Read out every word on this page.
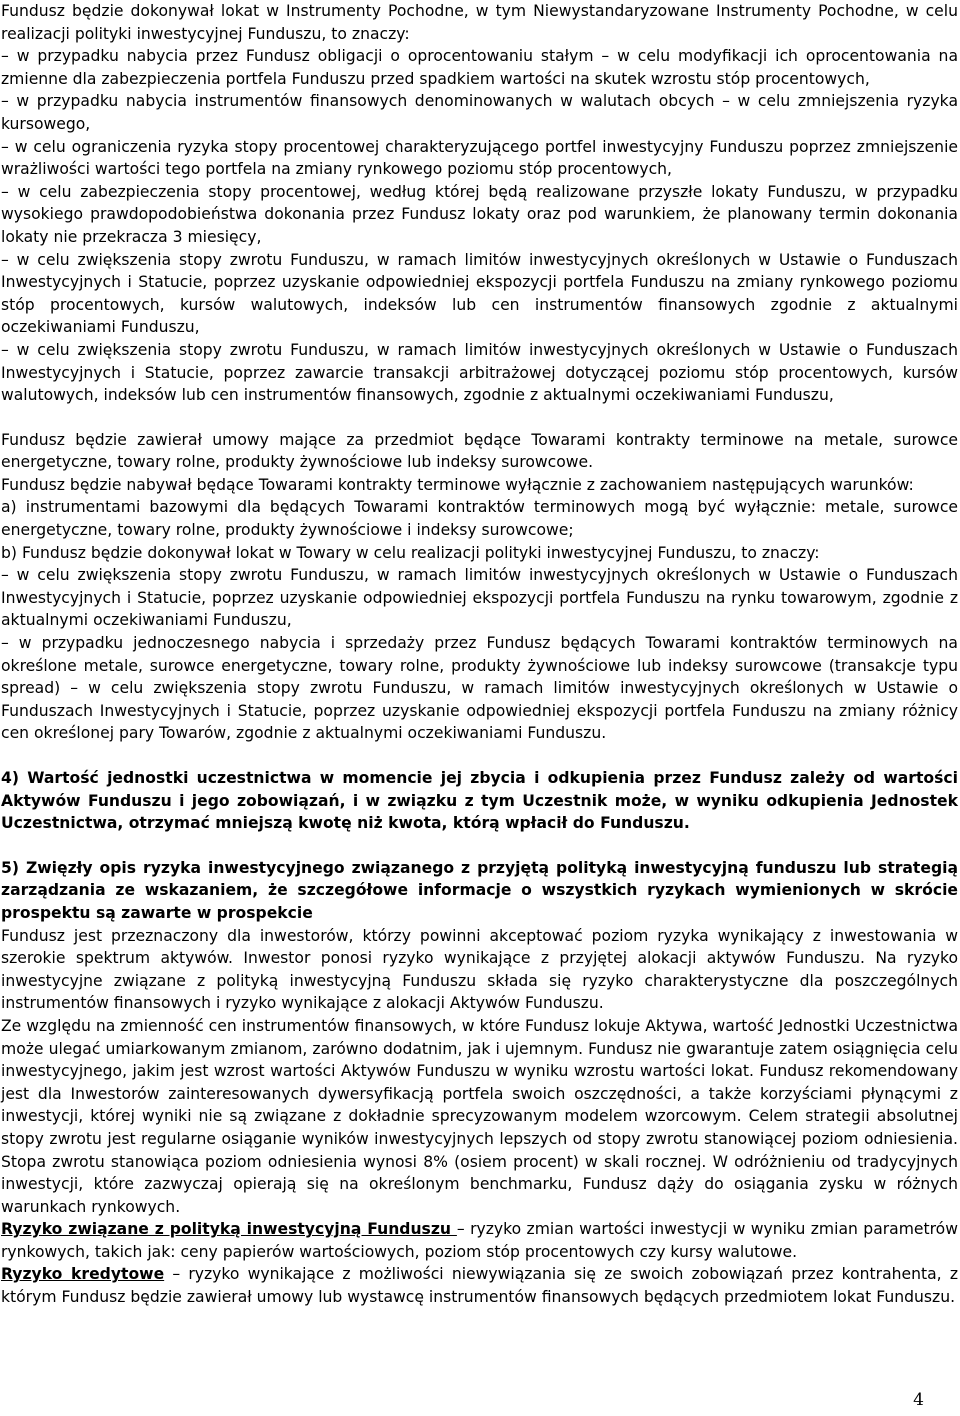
Fundusz będzie dokonywał lokat w Instrumenty Pochodne, w tym Niewystandaryzowane Instrumenty Pochodne, w celu realizacji polityki inwestycyjnej Funduszu, to znaczy:

– w przypadku nabycia przez Fundusz obligacji o oprocentowaniu stałym – w celu modyfikacji ich oprocentowania na zmienne dla zabezpieczenia portfela Funduszu przed spadkiem wartości na skutek wzrostu stóp procentowych,

– w przypadku nabycia instrumentów finansowych denominowanych w walutach obcych – w celu zmniejszenia ryzyka kursowego,

– w celu ograniczenia ryzyka stopy procentowej charakteryzującego portfel inwestycyjny Funduszu poprzez zmniejszenie wrażliwości wartości tego portfela na zmiany rynkowego poziomu stóp procentowych,

– w celu zabezpieczenia stopy procentowej, według której będą realizowane przyszłe lokaty Funduszu, w przypadku wysokiego prawdopodobieństwa dokonania przez Fundusz lokaty oraz pod warunkiem, że planowany termin dokonania lokaty nie przekracza 3 miesięcy,

– w celu zwiększenia stopy zwrotu Funduszu, w ramach limitów inwestycyjnych określonych w Ustawie o Funduszach Inwestycyjnych i Statucie, poprzez uzyskanie odpowiedniej ekspozycji portfela Funduszu na zmiany rynkowego poziomu stóp procentowych, kursów walutowych, indeksów lub cen instrumentów finansowych zgodnie z aktualnymi oczekiwaniami Funduszu,

– w celu zwiększenia stopy zwrotu Funduszu, w ramach limitów inwestycyjnych określonych w Ustawie o Funduszach Inwestycyjnych i Statucie, poprzez zawarcie transakcji arbitrażowej dotyczącej poziomu stóp procentowych, kursów walutowych, indeksów lub cen instrumentów finansowych, zgodnie z aktualnymi oczekiwaniami Funduszu,

Fundusz będzie zawierał umowy mające za przedmiot będące Towarami kontrakty terminowe na metale, surowce energetyczne, towary rolne, produkty żywnościowe lub indeksy surowcowe.

Fundusz będzie nabywał będące Towarami kontrakty terminowe wyłącznie z zachowaniem następujących warunków:

a) instrumentami bazowymi dla będących Towarami kontraktów terminowych mogą być wyłącznie: metale, surowce energetyczne, towary rolne, produkty żywnościowe i indeksy surowcowe;

b) Fundusz będzie dokonywał lokat w Towary w celu realizacji polityki inwestycyjnej Funduszu, to znaczy:

– w celu zwiększenia stopy zwrotu Funduszu, w ramach limitów inwestycyjnych określonych w Ustawie o Funduszach Inwestycyjnych i Statucie, poprzez uzyskanie odpowiedniej ekspozycji portfela Funduszu na rynku towarowym, zgodnie z aktualnymi oczekiwaniami Funduszu,

– w przypadku jednoczesnego nabycia i sprzedaży przez Fundusz będących Towarami kontraktów terminowych na określone metale, surowce energetyczne, towary rolne, produkty żywnościowe lub indeksy surowcowe (transakcje typu spread) – w celu zwiększenia stopy zwrotu Funduszu, w ramach limitów inwestycyjnych określonych w Ustawie o Funduszach Inwestycyjnych i Statucie, poprzez uzyskanie odpowiedniej ekspozycji portfela Funduszu na zmiany różnicy cen określonej pary Towarów, zgodnie z aktualnymi oczekiwaniami Funduszu.

4) Wartość jednostki uczestnictwa w momencie jej zbycia i odkupienia przez Fundusz zależy od wartości Aktywów Funduszu i jego zobowiązań, i w związku z tym Uczestnik może, w wyniku odkupienia Jednostek Uczestnictwa, otrzymać mniejszą kwotę niż kwota, którą wpłacił do Funduszu.

5) Zwięzły opis ryzyka inwestycyjnego związanego z przyjętą polityką inwestycyjną funduszu lub strategią zarządzania ze wskazaniem, że szczegółowe informacje o wszystkich ryzykach wymienionych w skrócie prospektu są zawarte w prospekcie

Fundusz jest przeznaczony dla inwestorów, którzy powinni akceptować poziom ryzyka wynikający z inwestowania w szerokie spektrum aktywów. Inwestor ponosi ryzyko wynikające z przyjętej alokacji aktywów Funduszu. Na ryzyko inwestycyjne związane z polityką inwestycyjną Funduszu składa się ryzyko charakterystyczne dla poszczególnych instrumentów finansowych i ryzyko wynikające z alokacji Aktywów Funduszu.

Ze względu na zmienność cen instrumentów finansowych, w które Fundusz lokuje Aktywa, wartość Jednostki Uczestnictwa może ulegać umiarkowanym zmianom, zarówno dodatnim, jak i ujemnym. Fundusz nie gwarantuje zatem osiągnięcia celu inwestycyjnego, jakim jest wzrost wartości Aktywów Funduszu w wyniku wzrostu wartości lokat. Fundusz rekomendowany jest dla Inwestorów zainteresowanych dywersyfikacją portfela swoich oszczędności, a także korzyściami płynącymi z inwestycji, której wyniki nie są związane z dokładnie sprecyzowanym modelem wzorcowym. Celem strategii absolutnej stopy zwrotu jest regularne osiąganie wyników inwestycyjnych lepszych od stopy zwrotu stanowiącej poziom odniesienia. Stopa zwrotu stanowiąca poziom odniesienia wynosi 8% (osiem procent) w skali rocznej. W odróżnieniu od tradycyjnych inwestycji, które zazwyczaj opierają się na określonym benchmarku, Fundusz dąży do osiągania zysku w różnych warunkach rynkowych.

Ryzyko związane z polityką inwestycyjną Funduszu – ryzyko zmian wartości inwestycji w wyniku zmian parametrów rynkowych, takich jak: ceny papierów wartościowych, poziom stóp procentowych czy kursy walutowe.

Ryzyko kredytowe – ryzyko wynikające z możliwości niewywiązania się ze swoich zobowiązań przez kontrahenta, z którym Fundusz będzie zawierał umowy lub wystawcę instrumentów finansowych będących przedmiotem lokat Funduszu.

4
